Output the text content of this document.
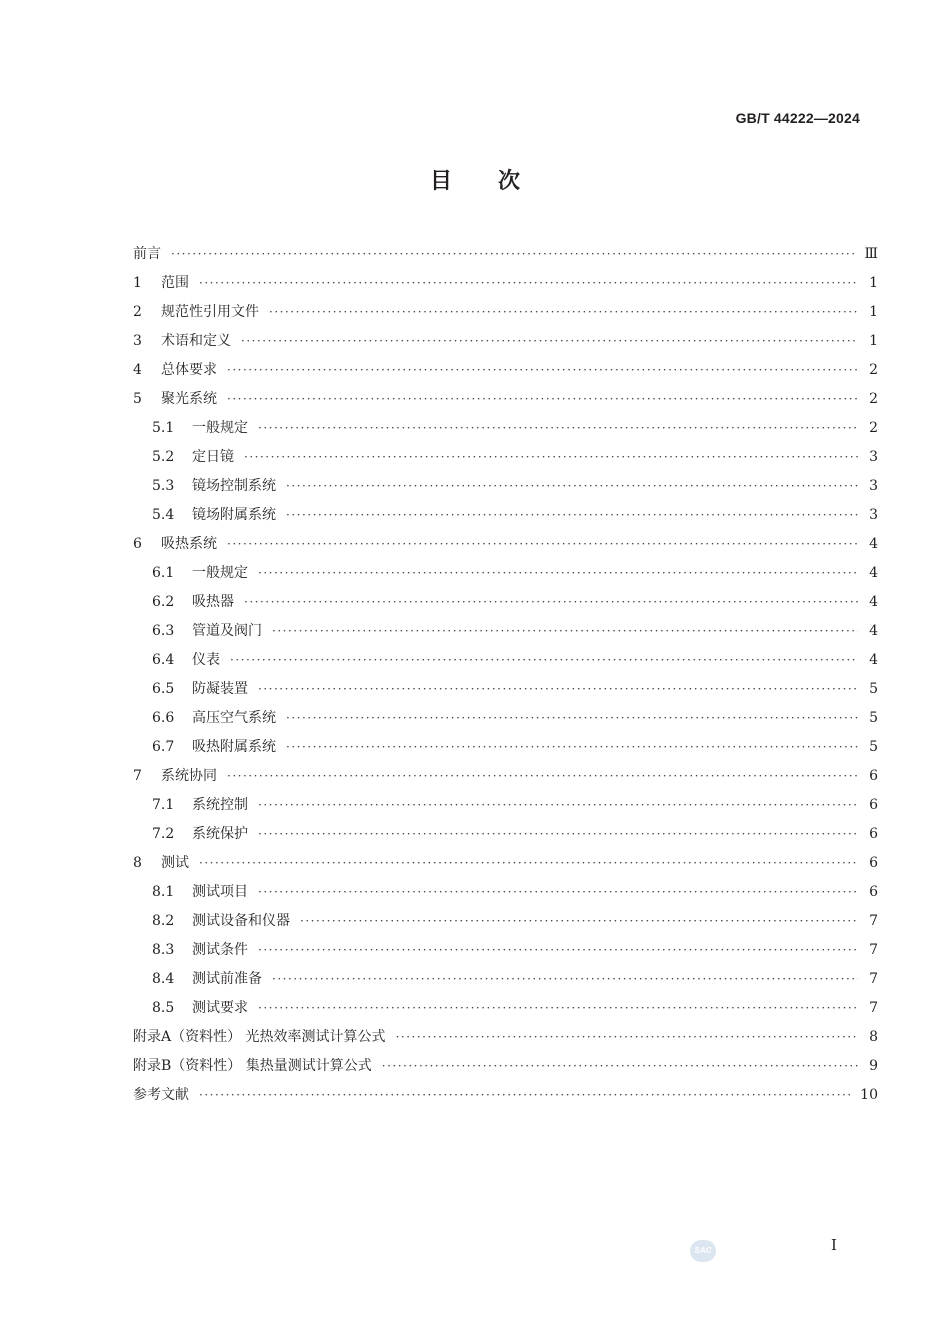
GB/T 44222—2024
目次
前言 ·····	Ⅲ
1	范围 ·····	1
2	规范性引用文件 ·····	1
3	术语和定义 ·····	1
4	总体要求 ·····	2
5	聚光系统 ·····	2
5.1	一般规定 ·····	2
5.2	定日镜 ·····	3
5.3	镜场控制系统 ·····	3
5.4	镜场附属系统 ·····	3
6	吸热系统 ·····	4
6.1	一般规定 ·····	4
6.2	吸热器 ·····	4
6.3	管道及阀门 ·····	4
6.4	仪表 ·····	4
6.5	防凝装置 ·····	5
6.6	高压空气系统 ·····	5
6.7	吸热附属系统 ·····	5
7	系统协同 ·····	6
7.1	系统控制 ·····	6
7.2	系统保护 ·····	6
8	测试 ·····	6
8.1	测试项目 ·····	6
8.2	测试设备和仪器 ·····	7
8.3	测试条件 ·····	7
8.4	测试前准备 ·····	7
8.5	测试要求 ·····	7
附录A（资料性） 光热效率测试计算公式 ·····	8
附录B（资料性） 集热量测试计算公式 ·····	9
参考文献 ·····	10
SAC	I
